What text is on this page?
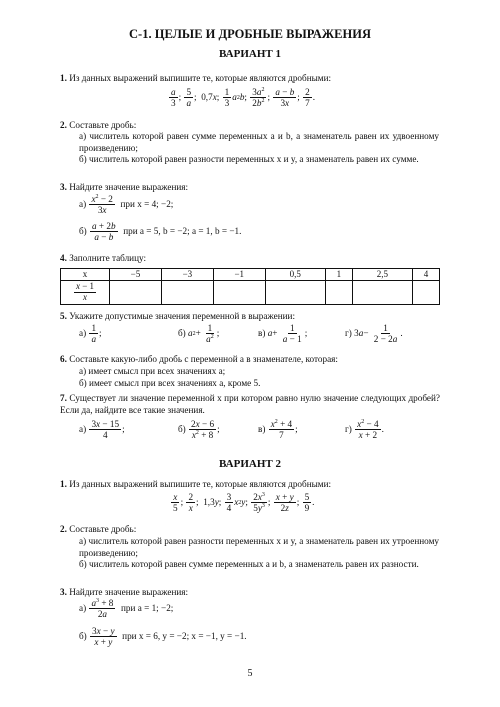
С-1. ЦЕЛЫЕ И ДРОБНЫЕ ВЫРАЖЕНИЯ
ВАРИАНТ 1
1. Из данных выражений выпишите те, которые являются дробными:
$\frac{a}{3}$ ; $\frac{5}{a}$ ;  0,7 x ; $\frac{1}{3}$ a 2 b ; $\frac{3a^2}{2b^2}$ ; $\frac{a - b}{3x}$ ; $\frac{2}{7}$ .
2. Составьте дробь:
а) числитель которой равен сумме переменных a и b, а знаменатель равен их удвоенному произведению;
б) числитель которой равен разности переменных x и y, а знаменатель равен их сумме.
3. Найдите значение выражения:
$а) \frac{x^2 - 2}{3x}$
при x = 4; −2;
$б) \frac{a + 2b}{a - b}$
при a = 5, b = −2; a = 1, b = −1.
4. Заполните таблицу:
x	−5	−3	−1	0,5	1	2,5	4

$\frac{x - 1}{x}$

5. Укажите допустимые значения переменной в выражении:
$а) \frac{1}{a}$ ;	б) a $2 + \frac{1}{a^2}$ ;	в) $a + \frac{1}{a - 1}$ ;	г) 3 $a - \frac{1}{2 - 2a}$ .
6. Составьте какую-либо дробь с переменной a в знаменателе, которая:
а) имеет смысл при всех значениях a;
б) имеет смысл при всех значениях a, кроме 5.
7. Существует ли значение переменной x при котором равно нулю значение следующих дробей? Если да, найдите все такие значения.
$а) \frac{3x - 15}{4}$ ;	$б) \frac{2x - 6}{x^2 + 8}$ ;	$в) \frac{x^2 + 4}{7}$ ;	$г) \frac{x^2 - 4}{x + 2}$ .
ВАРИАНТ 2
1. Из данных выражений выпишите те, которые являются дробными:
$\frac{x}{5}$ ; $\frac{2}{x}$ ;  1,3 y ; $\frac{3}{4}$ x 2 y ; $\frac{2x^3}{5y^3}$ ; $\frac{x + y}{2z}$ ; $\frac{5}{9}$ .
2. Составьте дробь:
а) числитель которой равен разности переменных x и y, а знаменатель равен их утроенному произведению;
б) числитель которой равен сумме переменных a и b, а знаменатель равен их разности.
3. Найдите значение выражения:
$а) \frac{a^3 + 8}{2a}$
при a = 1; −2;
$б) \frac{3x - y}{x + y}$
при x = 6, y = −2; x = −1, y = −1.
5
